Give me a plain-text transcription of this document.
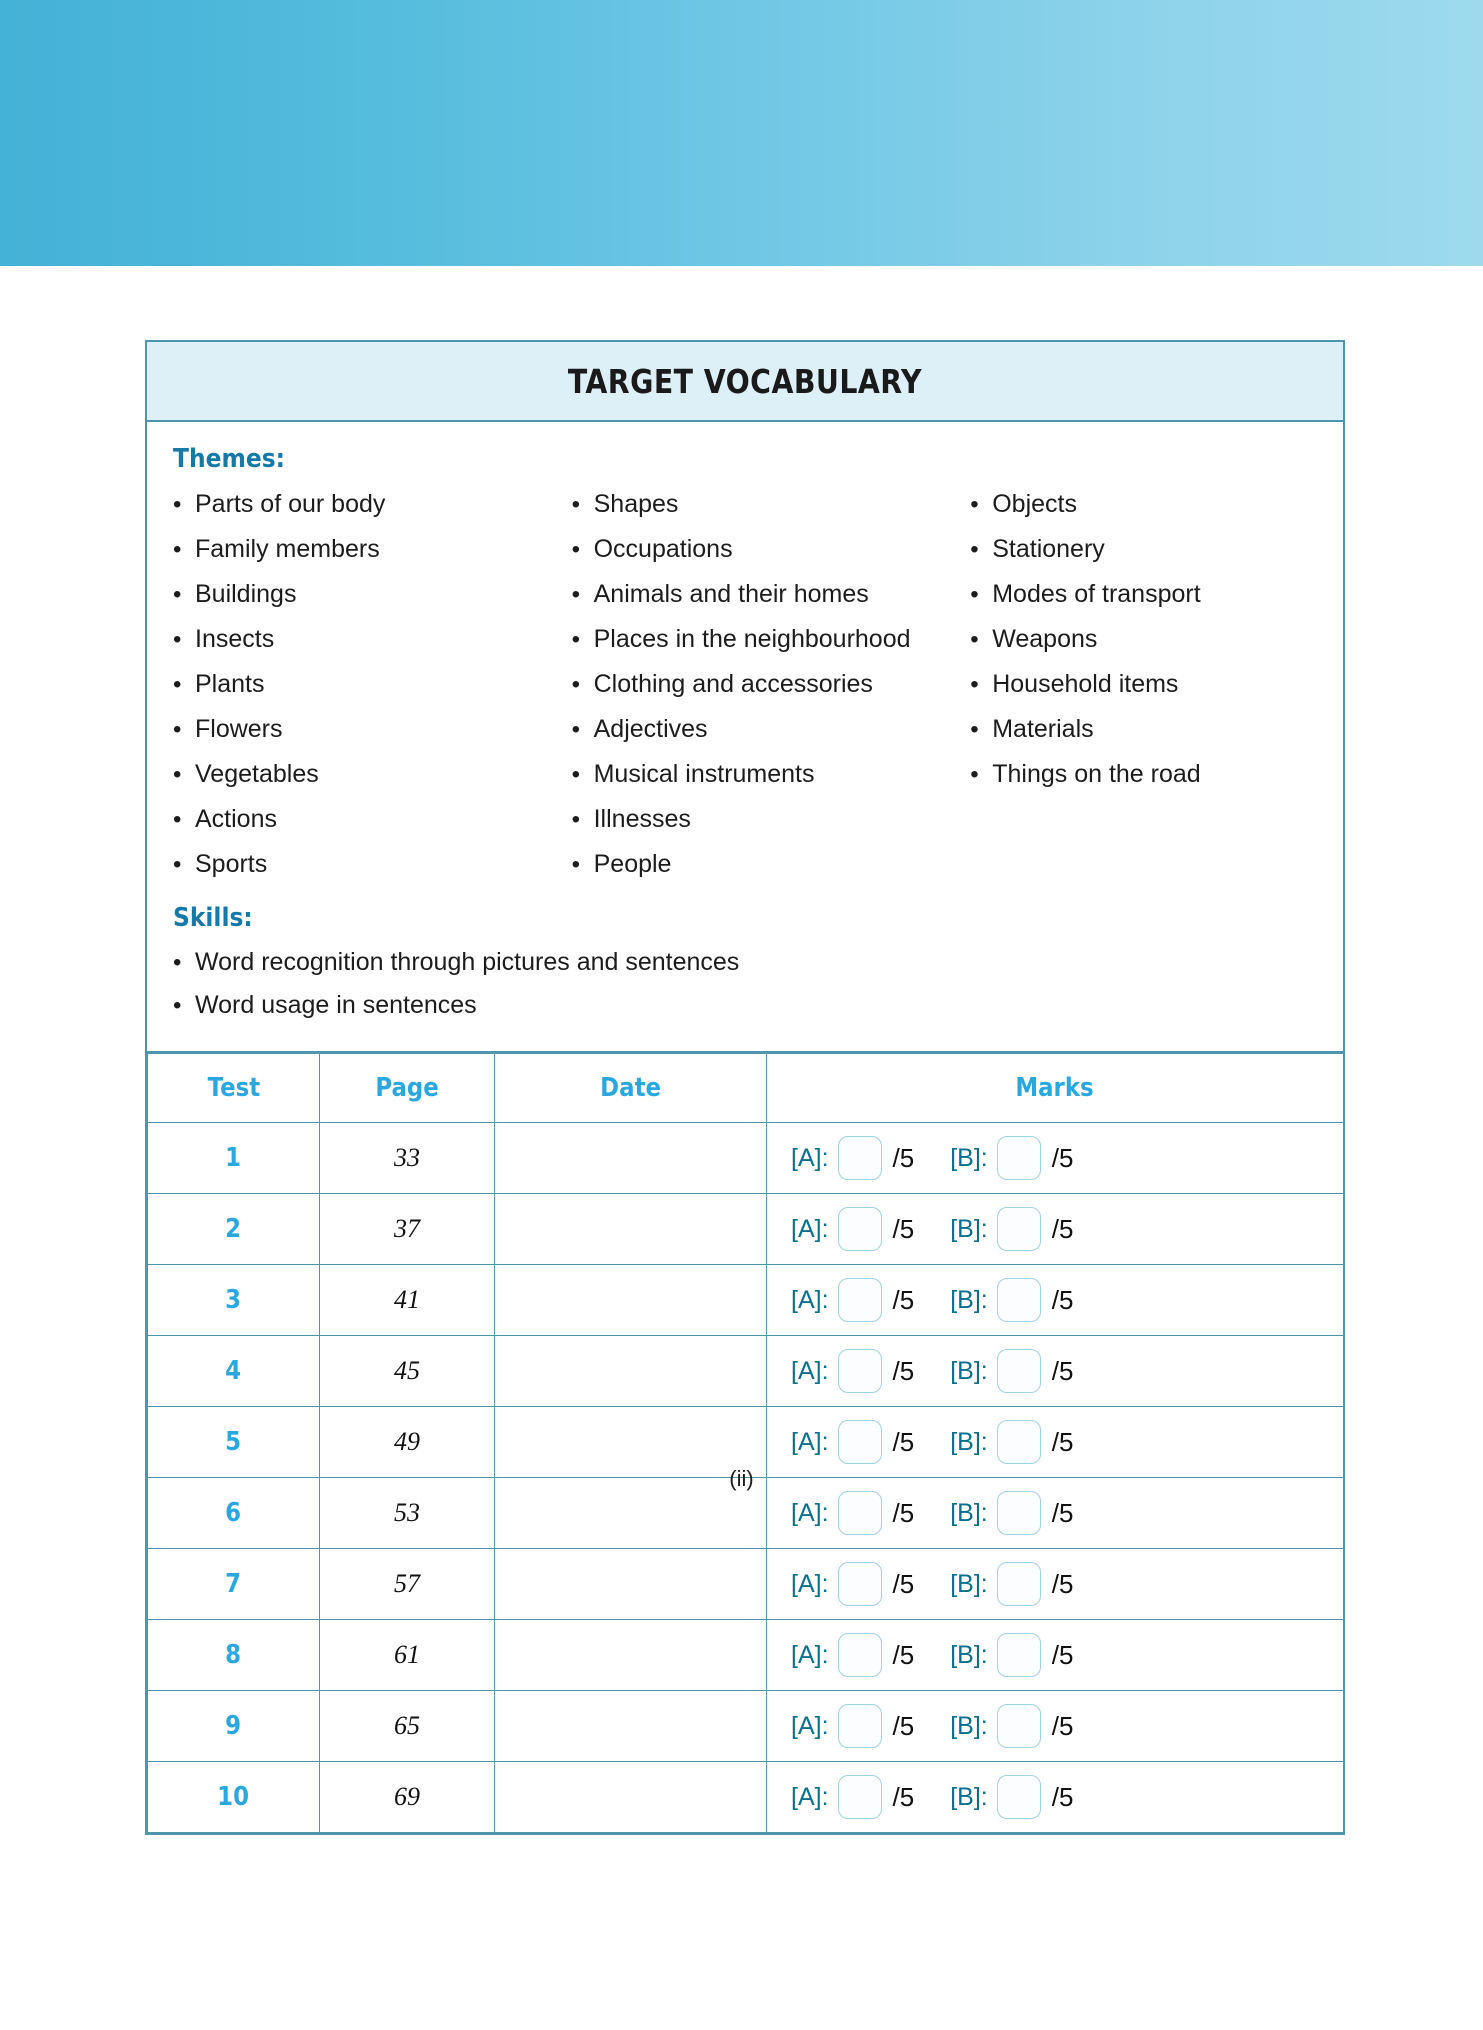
TARGET VOCABULARY
Themes:
• Parts of our body
• Family members
• Buildings
• Insects
• Plants
• Flowers
• Vegetables
• Actions
• Sports
• Shapes
• Occupations
• Animals and their homes
• Places in the neighbourhood
• Clothing and accessories
• Adjectives
• Musical instruments
• Illnesses
• People
• Objects
• Stationery
• Modes of transport
• Weapons
• Household items
• Materials
• Things on the road
Skills:
• Word recognition through pictures and sentences
• Word usage in sentences
Test	Page	Date	Marks
1	33		[A]: /5 [B]: /5

2	37		[A]: /5 [B]: /5

3	41		[A]: /5 [B]: /5

4	45		[A]: /5 [B]: /5

5	49		[A]: /5 [B]: /5

6	53		[A]: /5 [B]: /5

7	57		[A]: /5 [B]: /5

8	61		[A]: /5 [B]: /5

9	65		[A]: /5 [B]: /5

10	69		[A]: /5 [B]: /5
(ii)
